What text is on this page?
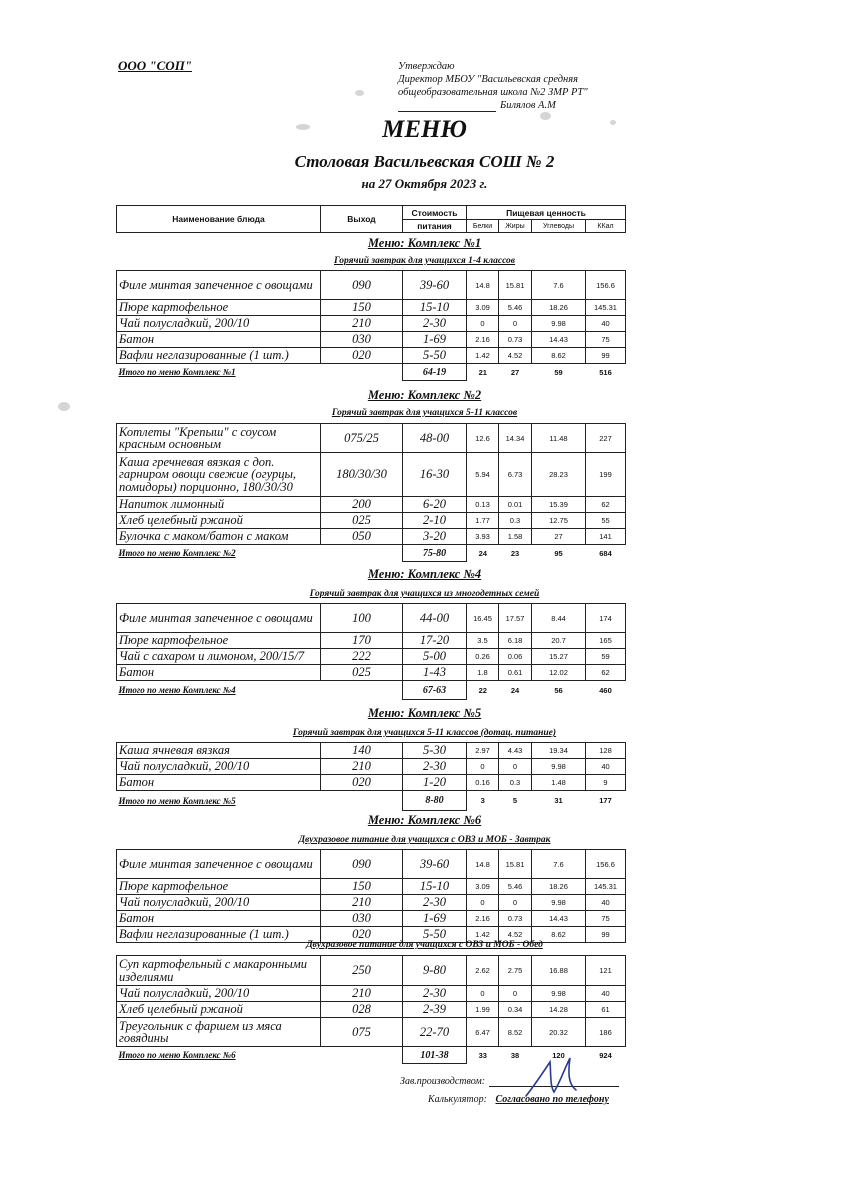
ООО "СОП"	Утверждаю
Директор МБОУ "Васильевская средняя
общеобразовательная школа №2 ЗМР РТ"
Билялов А.М
МЕНЮ
Столовая Васильевская СОШ № 2
на 27 Октября 2023 г.
Наименование блюда	Выход	Стоимость	Пищевая ценность			
		питания	Белки	Жиры	Углеводы	ККал
Меню: Комплекс №1
Горячий завтрак для учащихся 1-4 классов
Филе минтая запеченное с овощами	090	39-60	14.8	15.81	7.6	156.6
Пюре картофельное	150	15-10	3.09	5.46	18.26	145.31
Чай полусладкий, 200/10	210	2-30	0	0	9.98	40
Батон	030	1-69	2.16	0.73	14.43	75
Вафли неглазированные (1 шт.)	020	5-50	1.42	4.52	8.62	99
Итого по меню Комплекс №1		64-19	21	27	59	516
Меню: Комплекс №2
Горячий завтрак для учащихся 5-11 классов
Котлеты "Крепыш" с соусом красным основным	075/25	48-00	12.6	14.34	11.48	227
Каша гречневая вязкая с доп. гарниром овощи свежие (огурцы, помидоры) порционно, 180/30/30	180/30/30	16-30	5.94	6.73	28.23	199
Напиток лимонный	200	6-20	0.13	0.01	15.39	62
Хлеб целебный ржаной	025	2-10	1.77	0.3	12.75	55
Булочка с маком/батон с маком	050	3-20	3.93	1.58	27	141
Итого по меню Комплекс №2		75-80	24	23	95	684
Меню: Комплекс №4
Горячий завтрак для учащихся из многодетных семей
Филе минтая запеченное с овощами	100	44-00	16.45	17.57	8.44	174
Пюре картофельное	170	17-20	3.5	6.18	20.7	165
Чай с сахаром и лимоном, 200/15/7	222	5-00	0.26	0.06	15.27	59
Батон	025	1-43	1.8	0.61	12.02	62
Итого по меню Комплекс №4		67-63	22	24	56	460
Меню: Комплекс №5
Горячий завтрак для учащихся 5-11 классов (дотац. питание)
Каша ячневая вязкая	140	5-30	2.97	4.43	19.34	128
Чай полусладкий, 200/10	210	2-30	0	0	9.98	40
Батон	020	1-20	0.16	0.3	1.48	9
Итого по меню Комплекс №5		8-80	3	5	31	177
Меню: Комплекс №6
Двухразовое питание для учащихся с ОВЗ и МОБ - Завтрак
Филе минтая запеченное с овощами	090	39-60	14.8	15.81	7.6	156.6
Пюре картофельное	150	15-10	3.09	5.46	18.26	145.31
Чай полусладкий, 200/10	210	2-30	0	0	9.98	40
Батон	030	1-69	2.16	0.73	14.43	75
Вафли неглазированные (1 шт.)	020	5-50	1.42	4.52	8.62	99
Двухразовое питание для учащихся с ОВЗ и МОБ - Обед
Суп картофельный с макаронными изделиями	250	9-80	2.62	2.75	16.88	121
Чай полусладкий, 200/10	210	2-30	0	0	9.98	40
Хлеб целебный ржаной	028	2-39	1.99	0.34	14.28	61
Треугольник с фаршем из мяса говядины	075	22-70	6.47	8.52	20.32	186
Итого по меню Комплекс №6		101-38	33	38	120	924
Зав.производством:
Калькулятор: Согласовано по телефону
